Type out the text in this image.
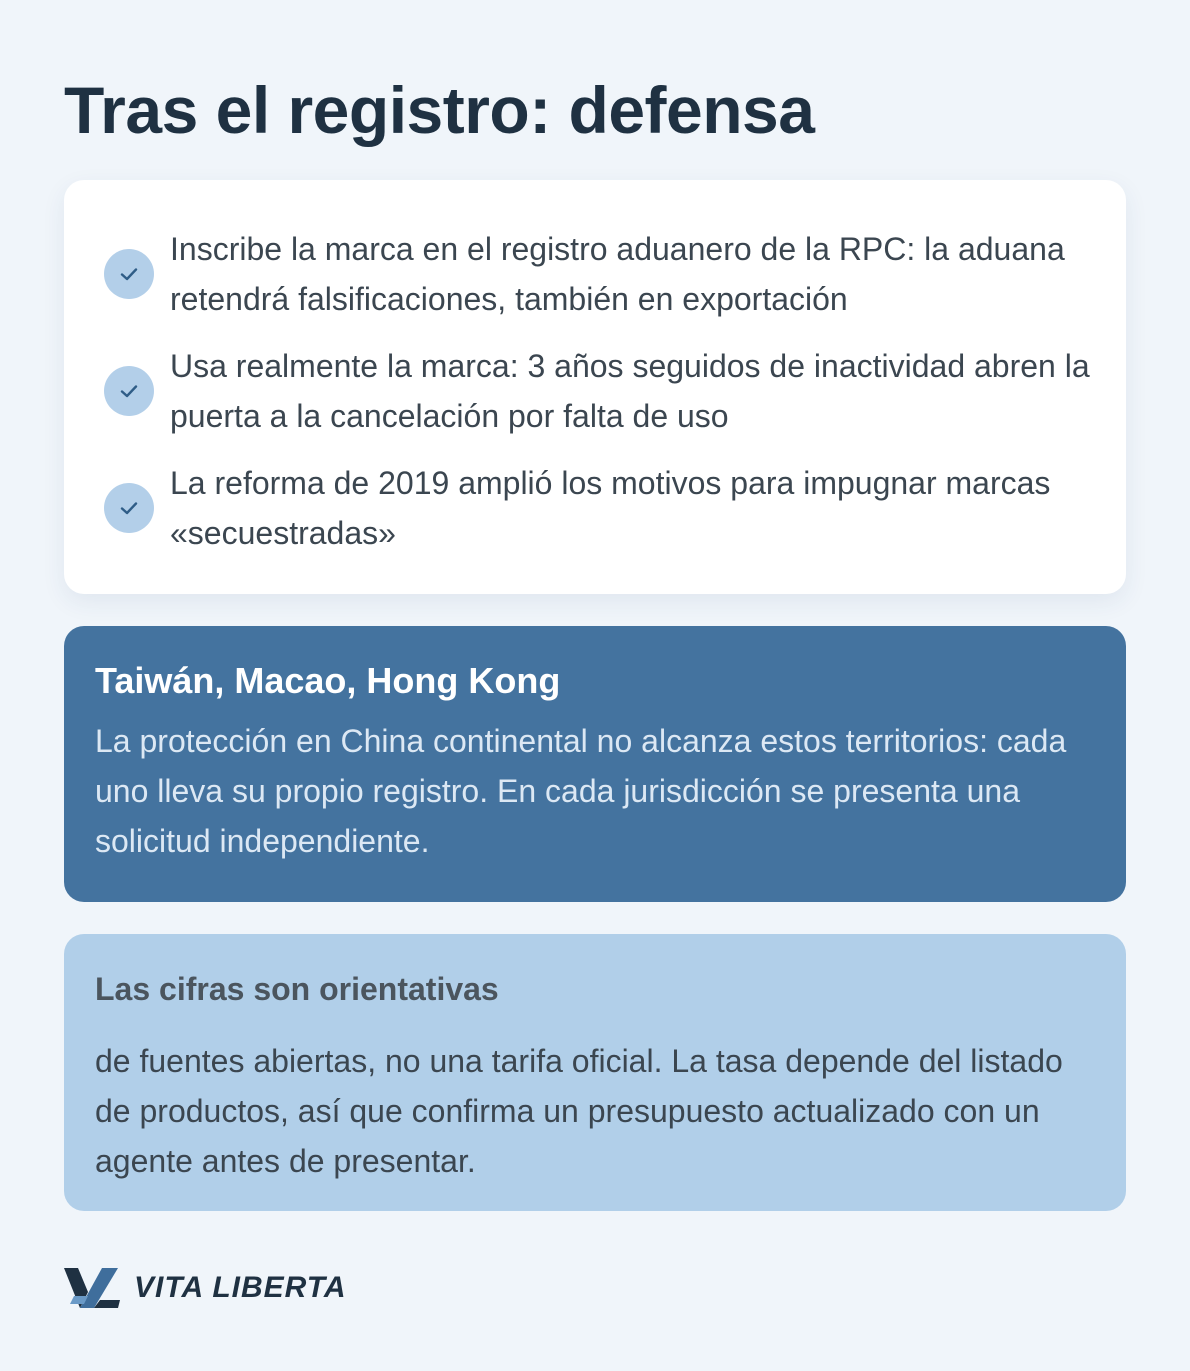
Tras el registro: defensa
Inscribe la marca en el registro aduanero de la RPC: la aduana retendrá falsificaciones, también en exportación
Usa realmente la marca: 3 años seguidos de inactividad abren la puerta a la cancelación por falta de uso
La reforma de 2019 amplió los motivos para impugnar marcas «secuestradas»
Taiwán, Macao, Hong Kong

La protección en China continental no alcanza estos territorios: cada uno lleva su propio registro. En cada jurisdicción se presenta una solicitud independiente.

Las cifras son orientativas

de fuentes abiertas, no una tarifa oficial. La tasa depende del listado de productos, así que confirma un presupuesto actualizado con un agente antes de presentar.

VITA LIBERTA
